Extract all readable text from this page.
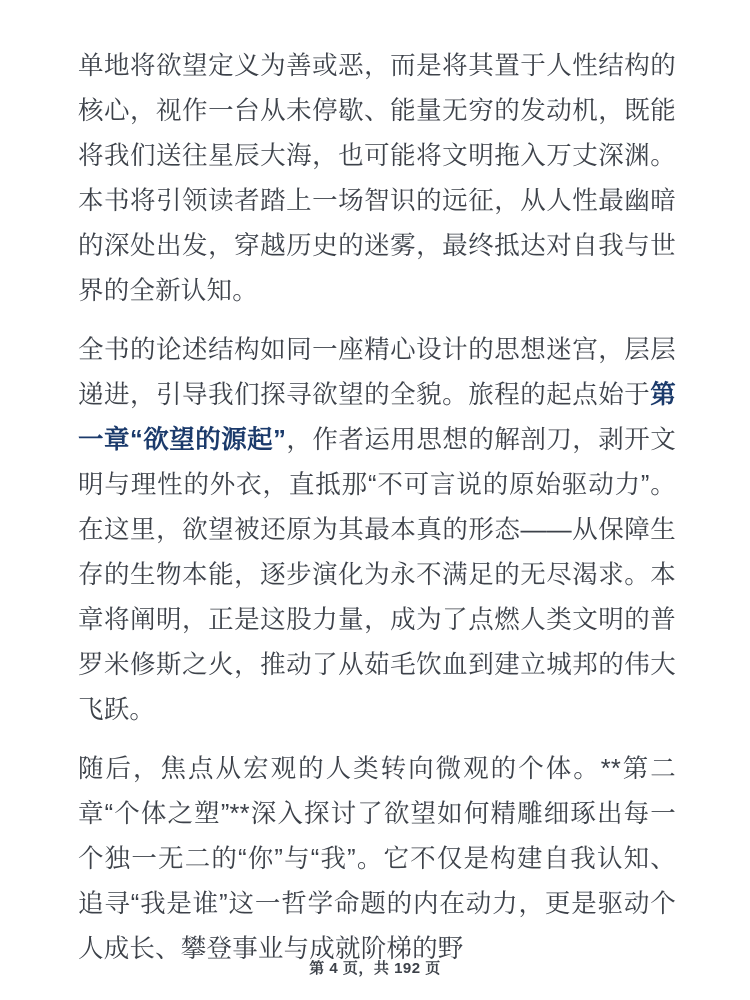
单地将欲望定义为善或恶，而是将其置于人性结构的核心，视作一台从未停歇、能量无穷的发动机，既能将我们送往星辰大海，也可能将文明拖入万丈深渊。本书将引领读者踏上一场智识的远征，从人性最幽暗的深处出发，穿越历史的迷雾，最终抵达对自我与世界的全新认知。

全书的论述结构如同一座精心设计的思想迷宫，层层递进，引导我们探寻欲望的全貌。旅程的起点始于第一章“欲望的源起”，作者运用思想的解剖刀，剥开文明与理性的外衣，直抵那“不可言说的原始驱动力”。在这里，欲望被还原为其最本真的形态——从保障生存的生物本能，逐步演化为永不满足的无尽渴求。本章将阐明，正是这股力量，成为了点燃人类文明的普罗米修斯之火，推动了从茹毛饮血到建立城邦的伟大飞跃。

随后，焦点从宏观的人类转向微观的个体。**第二章“个体之塑”**深入探讨了欲望如何精雕细琢出每一个独一无二的“你”与“我”。它不仅是构建自我认知、追寻“我是谁”这一哲学命题的内在动力，更是驱动个人成长、攀登事业与成就阶梯的野

第 4 页，共 192 页
